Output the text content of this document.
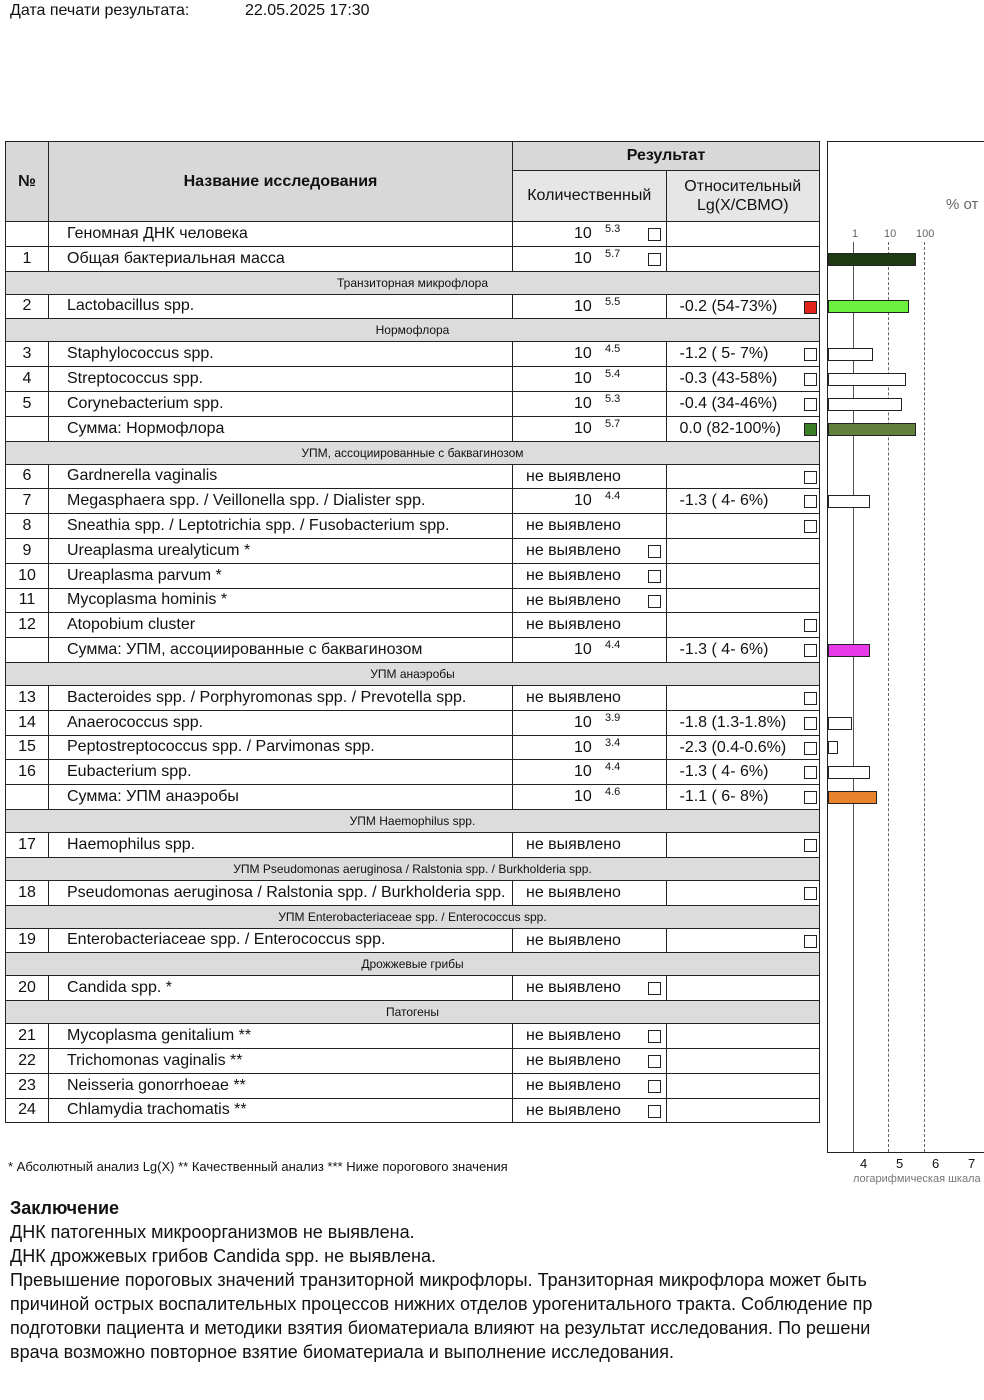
Дата печати результата:	22.05.2025 17:30
№	Название исследования	Результат	
		Количественный	Относительный
Lg(X/СВМО)
	Геномная ДНК человека	10 5.3	

1	Общая бактериальная масса	10 5.7	

Транзиторная микрофлора			
2	Lactobacillus spp.	10 5.5	-0.2 (54-73%)

Нормофлора			
3	Staphylococcus spp.	10 4.5	-1.2 ( 5- 7%)

4	Streptococcus spp.	10 5.4	-0.3 (43-58%)

5	Corynebacterium spp.	10 5.3	-0.4 (34-46%)

	Сумма: Нормофлора	10 5.7	0.0 (82-100%)

УПМ, ассоциированные с баквагинозом			
6	Gardnerella vaginalis	не выявлено	

7	Megasphaera spp. / Veillonella spp. / Dialister spp.	10 4.4	-1.3 ( 4- 6%)

8	Sneathia spp. / Leptotrichia spp. / Fusobacterium spp.	не выявлено	

9	Ureaplasma urealyticum *	не выявлено	

10	Ureaplasma parvum *	не выявлено	

11	Mycoplasma hominis *	не выявлено	

12	Atopobium cluster	не выявлено	

	Сумма: УПМ, ассоциированные с баквагинозом	10 4.4	-1.3 ( 4- 6%)

УПМ анаэробы			
13	Bacteroides spp. / Porphyromonas spp. / Prevotella spp.	не выявлено	

14	Anaerococcus spp.	10 3.9	-1.8 (1.3-1.8%)

15	Peptostreptococcus spp. / Parvimonas spp.	10 3.4	-2.3 (0.4-0.6%)

16	Eubacterium spp.	10 4.4	-1.3 ( 4- 6%)

	Сумма: УПМ анаэробы	10 4.6	-1.1 ( 6- 8%)

УПМ Haemophilus spp.			
17	Haemophilus spp.	не выявлено	

УПМ Pseudomonas aeruginosa / Ralstonia spp. / Burkholderia spp.			
18	Pseudomonas aeruginosa / Ralstonia spp. / Burkholderia spp.	не выявлено	

УПМ Enterobacteriaceae spp. / Enterococcus spp.			
19	Enterobacteriaceae spp. / Enterococcus spp.	не выявлено	

Дрожжевые грибы			
20	Candida spp. *	не выявлено	

Патогены			
21	Mycoplasma genitalium **	не выявлено	

22	Trichomonas vaginalis **	не выявлено	

23	Neisseria gonorrhoeae **	не выявлено	

24	Chlamydia trachomatis **	не выявлено	

% от
1 10 100
4 5 6 7
логарифмическая шкала
* Абсолютный анализ Lg(X) ** Качественный анализ *** Ниже порогового значения
Заключение
ДНК патогенных микроорганизмов не выявлена.
ДНК дрожжевых грибов Candida spp. не выявлена.
Превышение пороговых значений транзиторной микрофлоры. Транзиторная микрофлора может быть
причиной острых воспалительных процессов нижних отделов урогенитального тракта. Соблюдение пр
подготовки пациента и методики взятия биоматериала влияют на результат исследования. По решени
врача возможно повторное взятие биоматериала и выполнение исследования.
